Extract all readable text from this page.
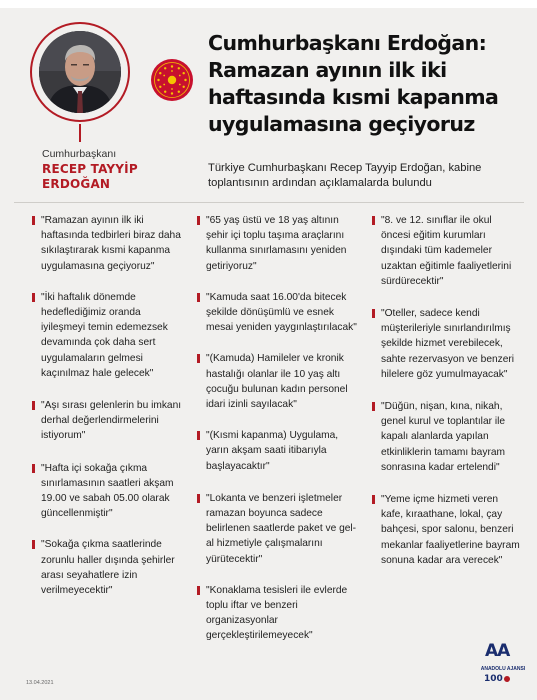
Cumhurbaşkanı Erdoğan: Ramazan ayının ilk iki haftasında kısmi kapanma uygulamasına geçiyoruz
Türkiye Cumhurbaşkanı Recep Tayyip Erdoğan, kabine toplantısının ardından açıklamalarda bulundu
Cumhurbaşkanı
RECEP TAYYİP ERDOĞAN
"Ramazan ayının ilk iki haftasında tedbirleri biraz daha sıkılaştırarak kısmi kapanma uygulamasına geçiyoruz"
"İki haftalık dönemde hedeflediğimiz oranda iyileşmeyi temin edemezsek devamında çok daha sert uygulamaların gelmesi kaçınılmaz hale gelecek"
"Aşı sırası gelenlerin bu imkanı derhal değerlendirmelerini istiyorum"
"Hafta içi sokağa çıkma sınırlamasının saatleri akşam 19.00 ve sabah 05.00 olarak güncellenmiştir"
"Sokağa çıkma saatlerinde zorunlu haller dışında şehirler arası seyahatlere izin verilmeyecektir"
"65 yaş üstü ve 18 yaş altının şehir içi toplu taşıma araçlarını kullanma sınırlamasını yeniden getiriyoruz"
"Kamuda saat 16.00'da bitecek şekilde dönüşümlü ve esnek mesai yeniden yaygınlaştırılacak"
"(Kamuda) Hamileler ve kronik hastalığı olanlar ile 10 yaş altı çocuğu bulunan kadın personel idari izinli sayılacak"
"(Kısmi kapanma) Uygulama, yarın akşam saati itibarıyla başlayacaktır"
"Lokanta ve benzeri işletmeler ramazan boyunca sadece belirlenen saatlerde paket ve gel-al hizmetiyle çalışmalarını yürütecektir"
"Konaklama tesisleri ile evlerde toplu iftar ve benzeri organizasyonlar gerçekleştirilemeyecek"
"8. ve 12. sınıflar ile okul öncesi eğitim kurumları dışındaki tüm kademeler uzaktan eğitimle faaliyetlerini sürdürecektir"
"Oteller, sadece kendi müşterileriyle sınırlandırılmış şekilde hizmet verebilecek, sahte rezervasyon ve benzeri hilelere göz yumulmayacak"
"Düğün, nişan, kına, nikah, genel kurul ve toplantılar ile kapalı alanlarda yapılan etkinliklerin tamamı bayram sonrasına kadar ertelendi"
"Yeme içme hizmeti veren kafe, kıraathane, lokal, çay bahçesi, spor salonu, benzeri mekanlar faaliyetlerine bayram sonuna kadar ara verecek"
13.04.2021
AA
ANADOLU AJANSI
100
